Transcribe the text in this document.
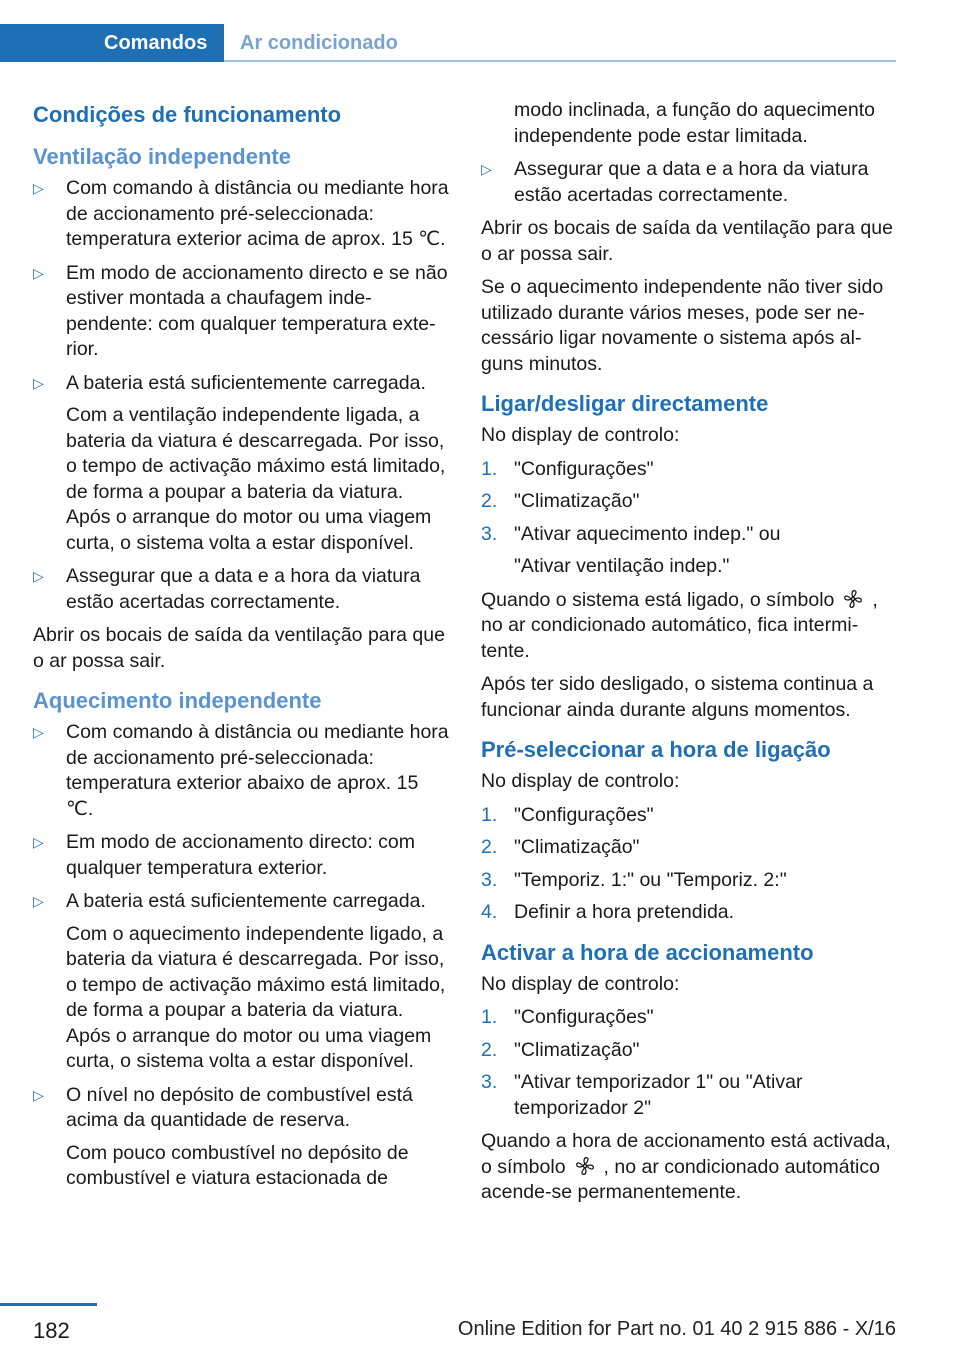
Comandos	Ar condicionado
Condições de funcionamento
Ventilação independente
▷ Com comando à distância ou mediante hora de accionamento pré-seleccionada: temperatura exterior acima de aprox. 15 ℃.
▷ Em modo de accionamento directo e se não estiver montada a chaufagem independente: com qualquer temperatura exterior.
▷ A bateria está suficientemente carregada.

Com a ventilação independente ligada, a bateria da viatura é descarregada. Por isso, o tempo de activação máximo está limitado, de forma a poupar a bateria da viatura. Após o arranque do motor ou uma viagem curta, o sistema volta a estar disponível.

▷ Assegurar que a data e a hora da viatura estão acertadas correctamente.

Abrir os bocais de saída da ventilação para que o ar possa sair.

Aquecimento independente
▷ Com comando à distância ou mediante hora de accionamento pré-seleccionada: temperatura exterior abaixo de aprox. 15 ℃.
▷ Em modo de accionamento directo: com qualquer temperatura exterior.
▷ A bateria está suficientemente carregada.

Com o aquecimento independente ligado, a bateria da viatura é descarregada. Por isso, o tempo de activação máximo está limitado, de forma a poupar a bateria da viatura. Após o arranque do motor ou uma viagem curta, o sistema volta a estar disponível.

▷ O nível no depósito de combustível está acima da quantidade de reserva.

Com pouco combustível no depósito de combustível e viatura estacionada de

modo inclinada, a função do aquecimento independente pode estar limitada.
▷ Assegurar que a data e a hora da viatura estão acertadas correctamente.

Abrir os bocais de saída da ventilação para que o ar possa sair.

Se o aquecimento independente não tiver sido utilizado durante vários meses, pode ser necessário ligar novamente o sistema após alguns minutos.

Ligar/desligar directamente

No display de controlo:

1. "Configurações"
2. "Climatização"
3. "Ativar aquecimento indep." ou

"Ativar ventilação indep."

Quando o sistema está ligado, o símbolo , no ar condicionado automático, fica intermitente.

Após ter sido desligado, o sistema continua a funcionar ainda durante alguns momentos.

Pré-seleccionar a hora de ligação

No display de controlo:

1. "Configurações"
2. "Climatização"
3. "Temporiz. 1:" ou "Temporiz. 2:"
4. Definir a hora pretendida.
Activar a hora de accionamento

No display de controlo:

1. "Configurações"
2. "Climatização"
3. "Ativar temporizador 1" ou "Ativar temporizador 2"

Quando a hora de accionamento está activada, o símbolo , no ar condicionado automático acende-se permanentemente.

182	Online Edition for Part no. 01 40 2 915 886 - X/16
